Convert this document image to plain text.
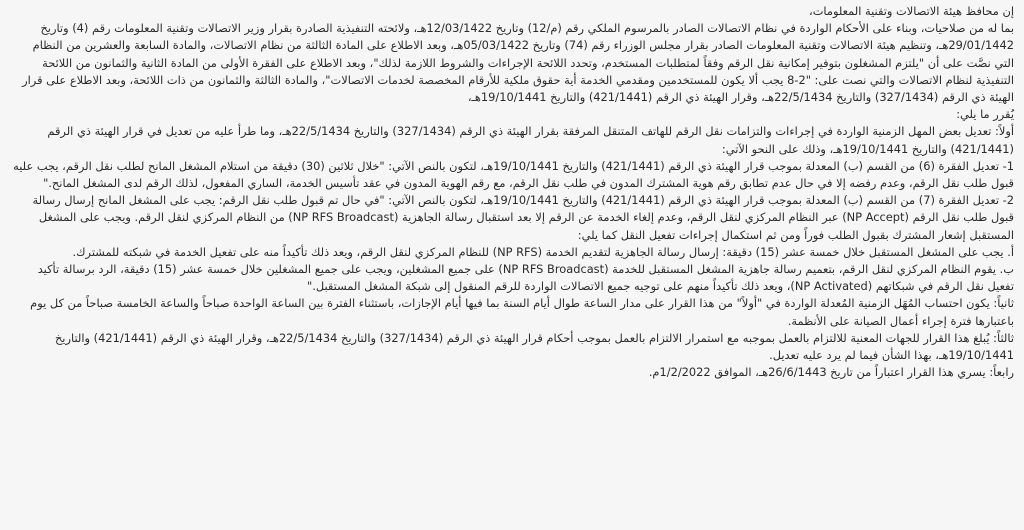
إن محافظ هيئة الاتصالات وتقنية المعلومات،

بما له من صلاحيات، وبناء على الأحكام الواردة في نظام الاتصالات الصادر بالمرسوم الملكي رقم (م/12) وتاريخ 12/03/1422هـ، ولائحته التنفيذية الصادرة بقرار وزير الاتصالات وتقنية المعلومات رقم (4) وتاريخ 29/01/1442هـ، وتنظيم هيئة الاتصالات وتقنية المعلومات الصادر بقرار مجلس الوزراء رقم (74) وتاريخ 05/03/1422هـ، وبعد الاطلاع على المادة الثالثة من نظام الاتصالات، والمادة السابعة والعشرين من النظام التي نصَّت على أن "يلتزم المشغلون بتوفير إمكانية نقل الرقم وفقاً لمتطلبات المستخدم، وتحدد اللائحة الإجراءات والشروط اللازمة لذلك"، وبعد الاطلاع على الفقرة الأولى من المادة الثانية والثمانون من اللائحة التنفيذية لنظام الاتصالات والتي نصت على: "2-8 يجب ألا يكون للمستخدمين ومقدمي الخدمة أية حقوق ملكية للأرقام المخصصة لخدمات الاتصالات"، والمادة الثالثة والثمانون من ذات اللائحة، وبعد الاطلاع على قرار الهيئة ذي الرقم (327/1434) والتاريخ 22/5/1434هـ، وقرار الهيئة ذي الرقم (421/1441) والتاريخ 19/10/1441هـ،

يُقرر ما يلي:

أولاً: تعديل بعض المهل الزمنية الواردة في إجراءات والتزامات نقل الرقم للهاتف المتنقل المرفقة بقرار الهيئة ذي الرقم (327/1434) والتاريخ 22/5/1434هـ، وما طرأ عليه من تعديل في قرار الهيئة ذي الرقم (421/1441) والتاريخ 19/10/1441هـ، وذلك على النحو الآتي:

1- تعديل الفقرة (6) من القسم (ب) المعدلة بموجب قرار الهيئة ذي الرقم (421/1441) والتاريخ 19/10/1441هـ، لتكون بالنص الآتي: "خلال ثلاثين (30) دقيقة من استلام المشغل المانح لطلب نقل الرقم، يجب عليه قبول طلب نقل الرقم، وعدم رفضه إلا في حال عدم تطابق رقم هوية المشترك المدون في طلب نقل الرقم، مع رقم الهوية المدون في عقد تأسيس الخدمة، الساري المفعول، لذلك الرقم لدى المشغل المانح."

2- تعديل الفقرة (7) من القسم (ب) المعدلة بموجب قرار الهيئة ذي الرقم (421/1441) والتاريخ 19/10/1441هـ، لتكون بالنص الآتي: "في حال تم قبول طلب نقل الرقم: يجب على المشغل المانح إرسال رسالة قبول طلب نقل الرقم (NP Accept) عبر النظام المركزي لنقل الرقم، وعدم إلغاء الخدمة عن الرقم إلا بعد استقبال رسالة الجاهزية (NP RFS Broadcast) من النظام المركزي لنقل الرقم. ويجب على المشغل المستقبل إشعار المشترك بقبول الطلب فوراً ومن ثم استكمال إجراءات تفعيل النقل كما يلي:

أ. يجب على المشغل المستقبل خلال خمسة عشر (15) دقيقة: إرسال رسالة الجاهزية لتقديم الخدمة (NP RFS) للنظام المركزي لنقل الرقم، ويعد ذلك تأكيداً منه على تفعيل الخدمة في شبكته للمشترك.

ب. يقوم النظام المركزي لنقل الرقم، بتعميم رسالة جاهزية المشغل المستقبل للخدمة (NP RFS Broadcast) على جميع المشغلين، ويجب على جميع المشغلين خلال خمسة عشر (15) دقيقة، الرد برسالة تأكيد تفعيل نقل الرقم في شبكاتهم (NP Activated)، ويعد ذلك تأكيداً منهم على توجيه جميع الاتصالات الواردة للرقم المنقول إلى شبكة المشغل المستقبل."

ثانياً: يكون احتساب المُهَل الزمنية المُعدلة الواردة في "أولاً" من هذا القرار على مدار الساعة طوال أيام السنة بما فيها أيام الإجازات، باستثناء الفترة بين الساعة الواحدة صباحاً والساعة الخامسة صباحاً من كل يوم باعتبارها فترة إجراء أعمال الصيانة على الأنظمة.

ثالثاً: يُبلغ هذا القرار للجهات المعنية للالتزام بالعمل بموجبه مع استمرار الالتزام بالعمل بموجب أحكام قرار الهيئة ذي الرقم (327/1434) والتاريخ 22/5/1434هـ، وقرار الهيئة ذي الرقم (421/1441) والتاريخ 19/10/1441هـ، بهذا الشأن فيما لم يرد عليه تعديل.

رابعاً: يسري هذا القرار اعتباراً من تاريخ 26/6/1443هـ، الموافق 1/2/2022م.
